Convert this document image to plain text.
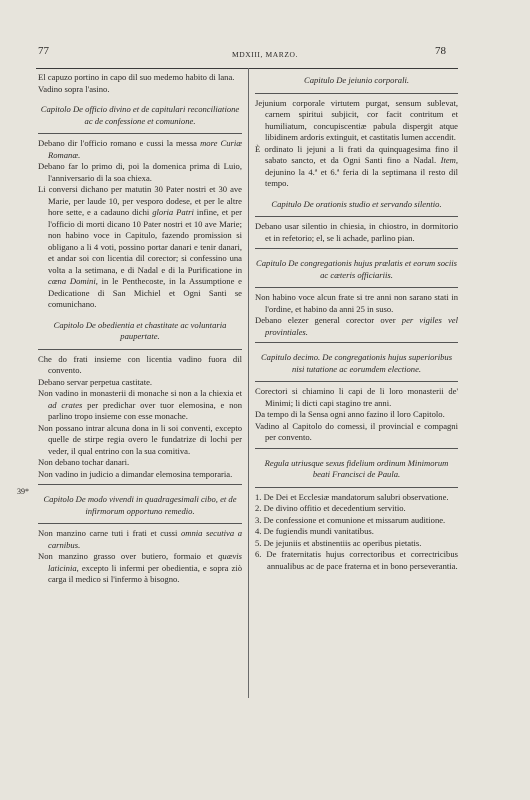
77	MDXIII, MARZO.	78
39*

El capuzo portino in capo dil suo medemo habito di lana.

Vadino sopra l'asino.

Capitolo De officio divino et de capitulari reconciliatione ac de confessione et comunione.

Debano dir l'officio romano e cussi la messa more Curiæ Romanæ.

Debano far lo primo di, poi la domenica prima di Luio, l'anniversario di la soa chiexa.

Li conversi dichano per matutin 30 Pater nostri et 30 ave Marie, per laude 10, per vesporo dodese, et per le altre hore sette, e a cadauno dichi gloria Patri infine, et per l'officio di morti dicano 10 Pater nostri et 10 ave Marie; non habino voce in Capitulo, fazendo promission si obligano a li 4 voti, possino portar danari e tenir danari, et andar soi con licentia dil corector; si confessino una volta a la setimana, e di Nadal e di la Purificatione in cœna Domini, in le Penthecoste, in la Assumptione e Dedicatione di San Michiel et Ogni Santi se comunichano.

Capitolo De obedientia et chastitate ac voluntaria paupertate.

Che do frati insieme con licentia vadino fuora dil convento.

Debano servar perpetua castitate.

Non vadino in monasterii di monache si non a la chiexia et ad crates per predichar over tuor elemosina, e non parlino tropo insieme con esse monache.

Non possano intrar alcuna dona in li soi conventi, excepto quelle de stirpe regia overo le fundatrize di lochi per veder, il qual entrino con la sua comitiva.

Non debano tochar danari.

Non vadino in judicio a dimandar elemosina temporaria.

Capitolo De modo vivendi in quadragesimali cibo, et de infirmorum opportuno remedio.

Non manzino carne tuti i frati et cussi omnia secutiva a carnibus.

Non manzino grasso over butiero, formaio et quævis laticinia, excepto li infermi per obedientia, e sopra ziò carga il medico si l'infermo à bisogno.

Capitulo De jeiunio corporali.

Jejunium corporale virtutem purgat, sensum sublevat, carnem spiritui subjicit, cor facit contritum et humiliatum, concupiscentiæ pabula dispergit atque libidinem ardoris extinguit, et castitatis lumen accendit.

È ordinato li jejuni a li frati da quinquagesima fino il sabato sancto, et da Ogni Santi fino a Nadal. Item, dejunino la 4.ª et 6.ª feria di la septimana il resto dil tempo.

Capitulo De orationis studio et servando silentio.

Debano usar silentio in chiesia, in chiostro, in dormitorio et in refetorio; el, se li achade, parlino pian.

Capitulo De congregationis hujus prælatis et eorum sociis ac cæteris officiariis.

Non habino voce alcun frate si tre anni non sarano stati in l'ordine, et habino da anni 25 in suso.

Debano elezer general corector over per vigiles vel provintiales.

Capitulo decimo. De congregationis hujus superioribus nisi tutatione ac eorumdem electione.

Corectori si chiamino li capi de li loro monasterii de' Minimi; li dicti capi stagino tre anni.

Da tempo di la Sensa ogni anno fazino il loro Capitolo.

Vadino al Capitolo do comessi, il provincial e compagni per convento.

Regula utriusque sexus fidelium ordinum Minimorum beati Francisci de Paula.
1. De Dei et Ecclesiæ mandatorum salubri observatione.
2. De divino offitio et decedentium servitio.
3. De confessione et comunione et missarum auditione.
4. De fugiendis mundi vanitatibus.
5. De jejuniis et abstinentiis ac operibus pietatis.
6. De fraternitatis hujus correctoribus et correctricibus annualibus ac de pace fraterna et in bono perseverantia.
